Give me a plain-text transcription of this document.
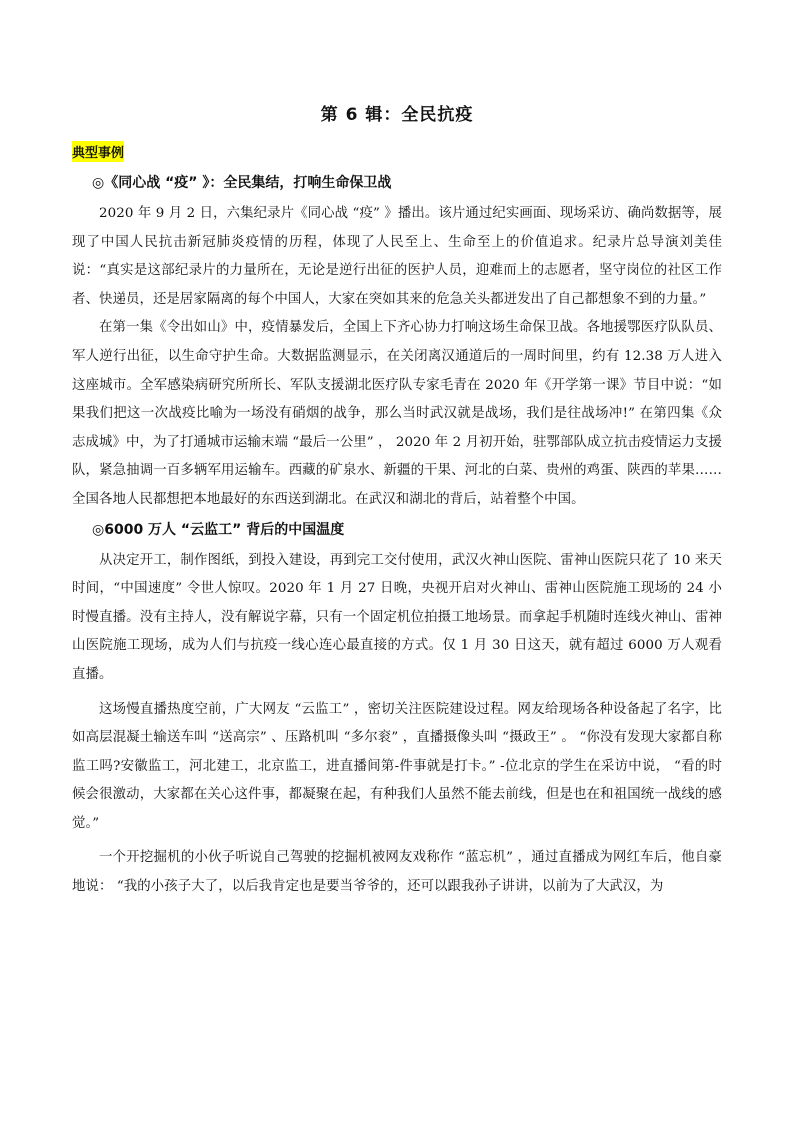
第 6 辑：全民抗疫
典型事例
◎《同心战 “疫” 》：全民集结，打响生命保卫战

2020 年 9 月 2 日，六集纪录片《同心战 “疫” 》播出。该片通过纪实画面、现场采访、确尚数据等，展现了中国人民抗击新冠肺炎疫情的历程，体现了人民至上、生命至上的价值追求。纪录片总导演刘美佳说：“真实是这部纪录片的力量所在，无论是逆行出征的医护人员，迎难而上的志愿者，坚守岗位的社区工作者、快递员，还是居家隔离的每个中国人，大家在突如其来的危急关头都迸发出了自己都想象不到的力量。”

在第一集《令出如山》中，疫情暴发后，全国上下齐心协力打响这场生命保卫战。各地援鄂医疗队队员、军人逆行出征，以生命守护生命。大数据监测显示，在关闭离汉通道后的一周时间里，约有 12.38 万人进入这座城市。全军感染病研究所所长、军队支援湖北医疗队专家毛青在 2020 年《开学第一课》节目中说：“如果我们把这一次战疫比喻为一场没有硝烟的战争，那么当时武汉就是战场，我们是往战场冲!” 在第四集《众志成城》中，为了打通城市运输末端 “最后一公里” ， 2020 年 2 月初开始，驻鄂部队成立抗击疫情运力支援队，紧急抽调一百多辆军用运输车。西藏的矿泉水、新疆的干果、河北的白菜、贵州的鸡蛋、陕西的苹果……全国各地人民都想把本地最好的东西送到湖北。在武汉和湖北的背后，站着整个中国。

◎6000 万人 “云监工” 背后的中国温度

从决定开工，制作图纸，到投入建设，再到完工交付使用，武汉火神山医院、雷神山医院只花了 10 来天时间，“中国速度” 令世人惊叹。2020 年 1 月 27 日晚，央视开启对火神山、雷神山医院施工现场的 24 小时慢直播。没有主持人，没有解说字幕，只有一个固定机位拍摄工地场景。而拿起手机随时连线火神山、雷神山医院施工现场，成为人们与抗疫一线心连心最直接的方式。仅 1 月 30 日这天，就有超过 6000 万人观看直播。

这场慢直播热度空前，广大网友 “云监工” ，密切关注医院建设过程。网友给现场各种设备起了名字，比如高层混凝土输送车叫 “送高宗” 、压路机叫 “多尔衮” ，直播摄像头叫 “摄政王” 。 “你没有发现大家都自称监工吗?安徽监工，河北建工，北京监工，进直播间第-件事就是打卡。” -位北京的学生在采访中说， “看的时候会很激动，大家都在关心这件事，都凝聚在起，有种我们人虽然不能去前线，但是也在和祖国统一战线的感觉。”

一个开挖掘机的小伙子听说自己驾驶的挖掘机被网友戏称作 “蓝忘机” ，通过直播成为网红车后，他自豪地说： “我的小孩子大了，以后我肯定也是要当爷爷的，还可以跟我孙子讲讲，以前为了大武汉，为
